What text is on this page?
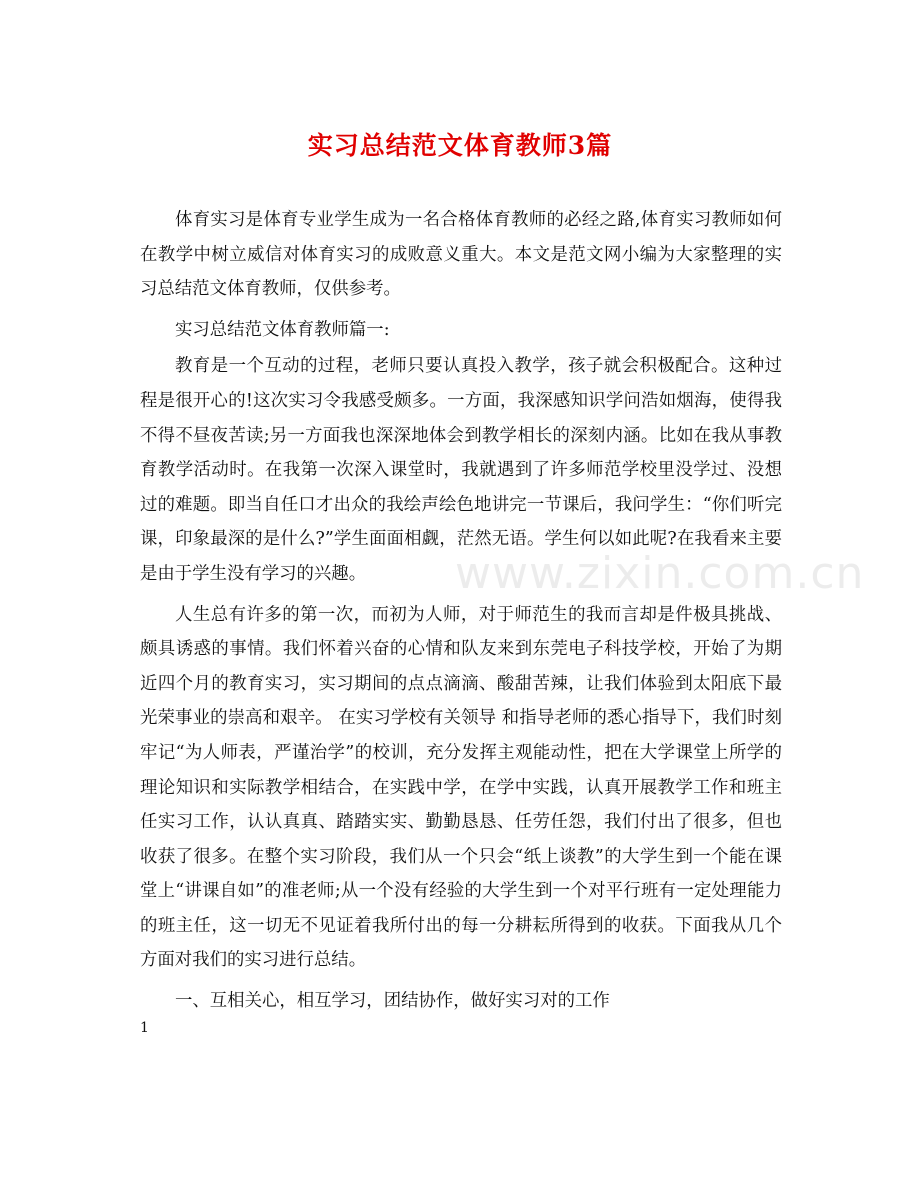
实习总结范文体育教师3篇

体育实习是体育专业学生成为一名合格体育教师的必经之路,体育实习教师如何在教学中树立威信对体育实习的成败意义重大。本文是范文网小编为大家整理的实习总结范文体育教师，仅供参考。

实习总结范文体育教师篇一:

教育是一个互动的过程，老师只要认真投入教学，孩子就会积极配合。这种过程是很开心的!这次实习令我感受颇多。一方面，我深感知识学问浩如烟海，使得我不得不昼夜苦读;另一方面我也深深地体会到教学相长的深刻内涵。比如在我从事教育教学活动时。在我第一次深入课堂时，我就遇到了许多师范学校里没学过、没想过的难题。即当自任口才出众的我绘声绘色地讲完一节课后，我问学生：“你们听完课，印象最深的是什么?”学生面面相觑，茫然无语。学生何以如此呢?在我看来主要是由于学生没有学习的兴趣。

人生总有许多的第一次，而初为人师，对于师范生的我而言却是件极具挑战、颇具诱惑的事情。我们怀着兴奋的心情和队友来到东莞电子科技学校，开始了为期近四个月的教育实习，实习期间的点点滴滴、酸甜苦辣，让我们体验到太阳底下最光荣事业的崇高和艰辛。 在实习学校有关领导 和指导老师的悉心指导下，我们时刻牢记“为人师表，严谨治学”的校训，充分发挥主观能动性，把在大学课堂上所学的理论知识和实际教学相结合，在实践中学，在学中实践，认真开展教学工作和班主任实习工作，认认真真、踏踏实实、勤勤恳恳、任劳任怨，我们付出了很多，但也收获了很多。在整个实习阶段，我们从一个只会“纸上谈教”的大学生到一个能在课堂上“讲课自如”的准老师;从一个没有经验的大学生到一个对平行班有一定处理能力的班主任，这一切无不见证着我所付出的每一分耕耘所得到的收获。下面我从几个方面对我们的实习进行总结。

一、互相关心，相互学习，团结协作，做好实习对的工作

www.zixin.com.cn
1
